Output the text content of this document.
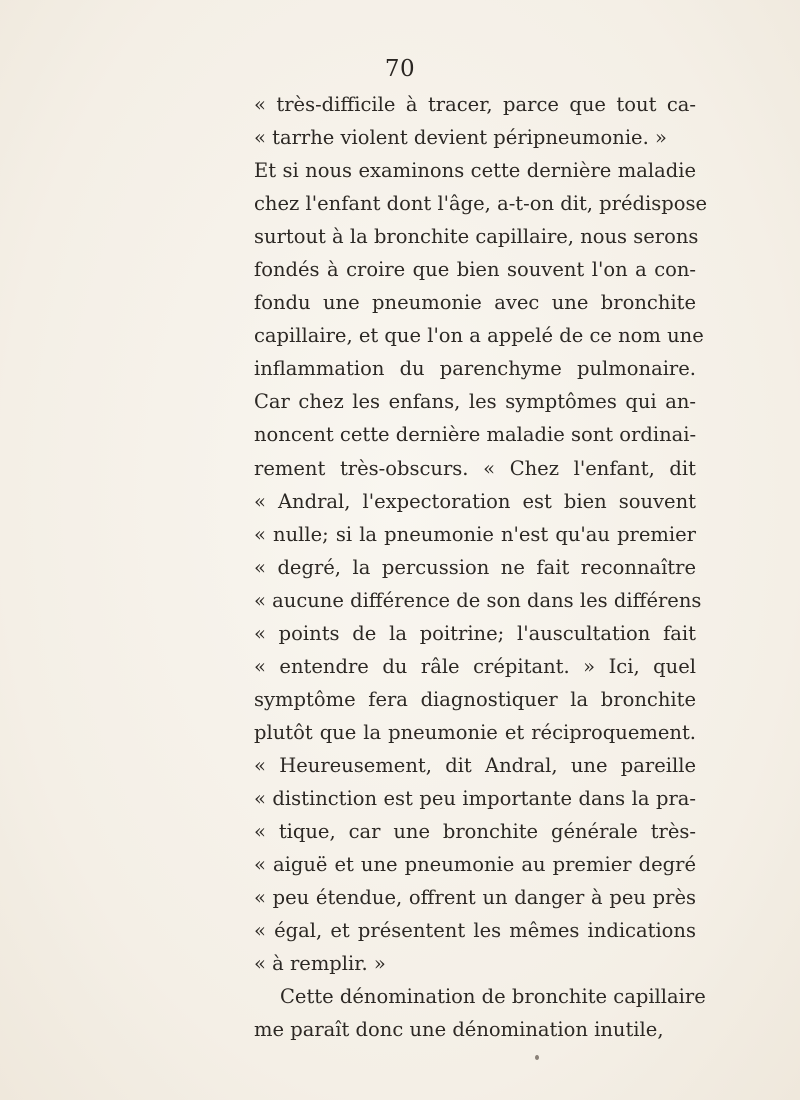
70
« très-difficile à tracer, parce que tout ca-
« tarrhe violent devient péripneumonie. »
Et si nous examinons cette dernière maladie
chez l'enfant dont l'âge, a-t-on dit, prédispose
surtout à la bronchite capillaire, nous serons
fondés à croire que bien souvent l'on a con-
fondu une pneumonie avec une bronchite
capillaire, et que l'on a appelé de ce nom une
inflammation du parenchyme pulmonaire.
Car chez les enfans, les symptômes qui an-
noncent cette dernière maladie sont ordinai-
rement très-obscurs. « Chez l'enfant, dit
« Andral, l'expectoration est bien souvent
« nulle; si la pneumonie n'est qu'au premier
« degré, la percussion ne fait reconnaître
« aucune différence de son dans les différens
« points de la poitrine; l'auscultation fait
« entendre du râle crépitant. » Ici, quel
symptôme fera diagnostiquer la bronchite
plutôt que la pneumonie et réciproquement.
« Heureusement, dit Andral, une pareille
« distinction est peu importante dans la pra-
« tique, car une bronchite générale très-
« aiguë et une pneumonie au premier degré
« peu étendue, offrent un danger à peu près
« égal, et présentent les mêmes indications
« à remplir. »
Cette dénomination de bronchite capillaire
me paraît donc une dénomination inutile,
